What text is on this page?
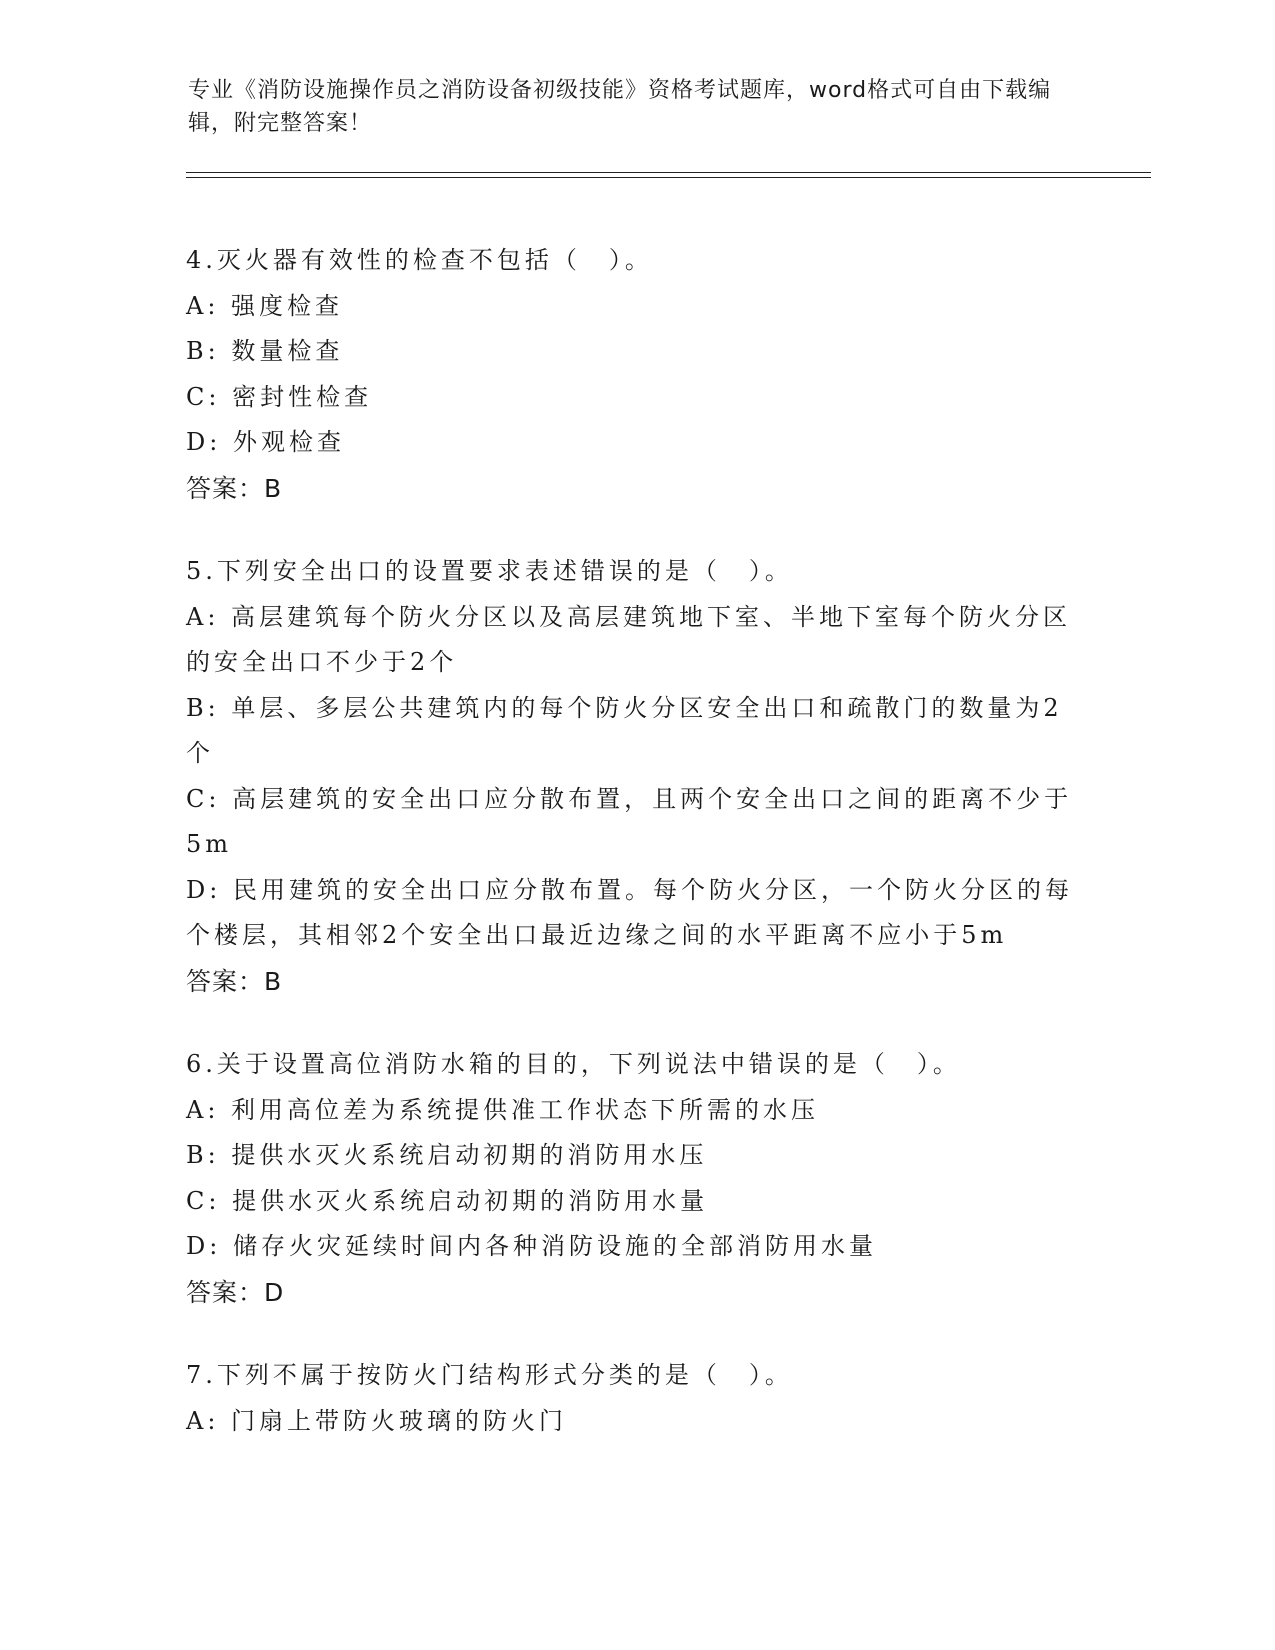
专业《消防设施操作员之消防设备初级技能》资格考试题库，word格式可自由下载编辑，附完整答案！
4.灭火器有效性的检查不包括（　）。
A: 强度检查
B: 数量检查
C: 密封性检查
D: 外观检查
答案：B
5.下列安全出口的设置要求表述错误的是（　）。
A: 高层建筑每个防火分区以及高层建筑地下室、半地下室每个防火分区的安全出口不少于2个
B: 单层、多层公共建筑内的每个防火分区安全出口和疏散门的数量为2个
C: 高层建筑的安全出口应分散布置，且两个安全出口之间的距离不少于5m
D: 民用建筑的安全出口应分散布置。每个防火分区，一个防火分区的每个楼层，其相邻2个安全出口最近边缘之间的水平距离不应小于5m
答案：B
6.关于设置高位消防水箱的目的，下列说法中错误的是（　）。
A: 利用高位差为系统提供准工作状态下所需的水压
B: 提供水灭火系统启动初期的消防用水压
C: 提供水灭火系统启动初期的消防用水量
D: 储存火灾延续时间内各种消防设施的全部消防用水量
答案：D
7.下列不属于按防火门结构形式分类的是（　）。
A: 门扇上带防火玻璃的防火门
